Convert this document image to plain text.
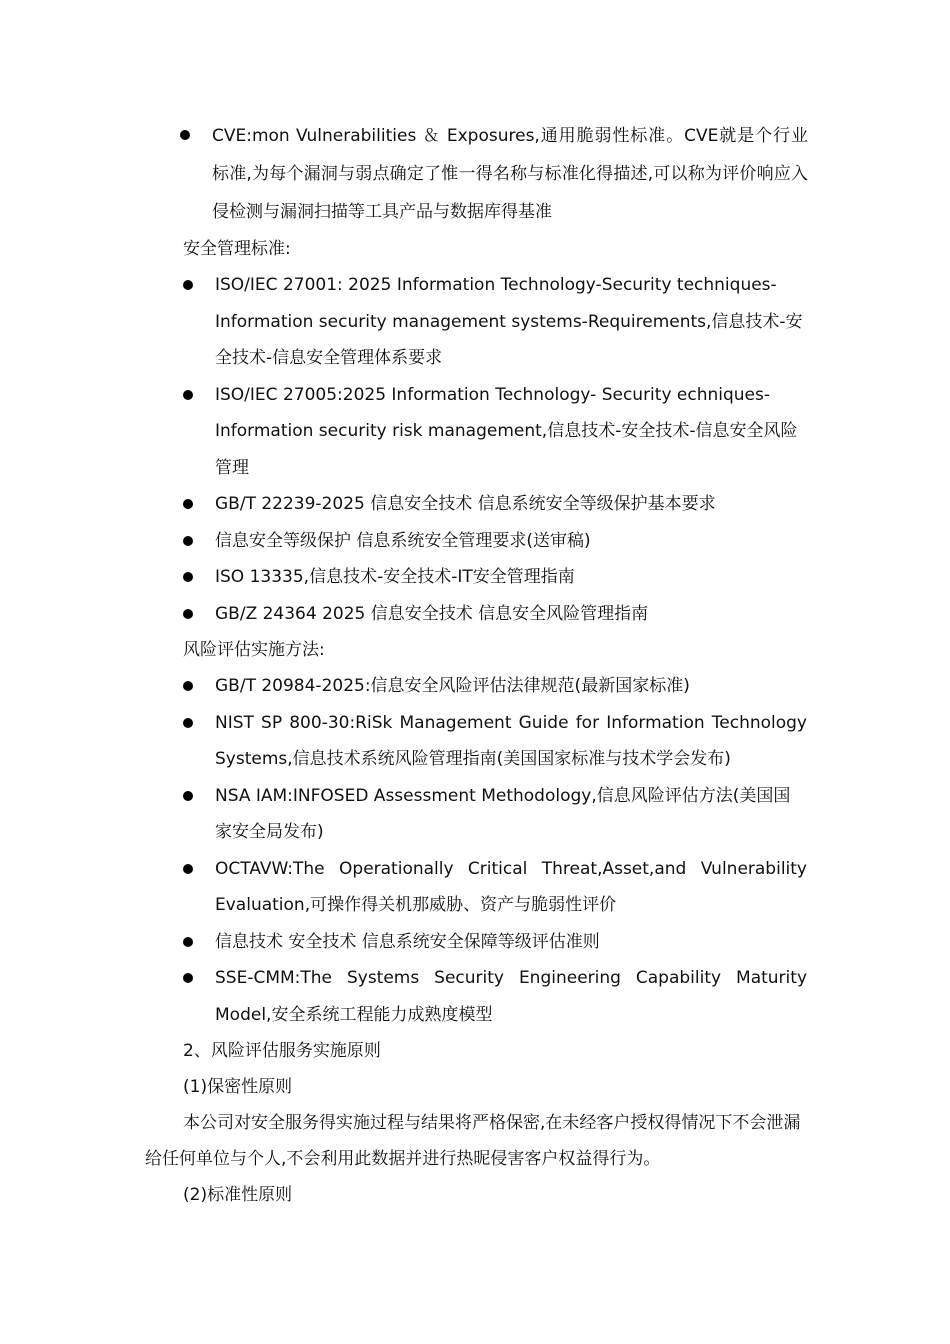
CVE:mon Vulnerabilities ＆ Exposures,通用脆弱性标准。CVE就是个行业标准,为每个漏洞与弱点确定了惟一得名称与标准化得描述,可以称为评价响应入侵检测与漏洞扫描等工具产品与数据库得基准
安全管理标准:
ISO/IEC 27001: 2025 Information Technology-Security techniques-Information security management systems-Requirements,信息技术-安全技术-信息安全管理体系要求
ISO/IEC 27005:2025 Information Technology- Security echniques-Information security risk management,信息技术-安全技术-信息安全风险管理
GB/T 22239-2025 信息安全技术 信息系统安全等级保护基本要求
信息安全等级保护 信息系统安全管理要求(送审稿)
ISO 13335,信息技术-安全技术-IT安全管理指南
GB/Z 24364 2025 信息安全技术 信息安全风险管理指南
风险评估实施方法:
GB/T 20984-2025:信息安全风险评估法律规范(最新国家标准)
NIST SP 800-30:RiSk Management Guide for Information Technology Systems,信息技术系统风险管理指南(美国国家标准与技术学会发布)
NSA IAM:INFOSED Assessment Methodology,信息风险评估方法(美国国家安全局发布)
OCTAVW:The Operationally Critical Threat,Asset,and Vulnerability Evaluation,可操作得关机那威胁、资产与脆弱性评价
信息技术 安全技术 信息系统安全保障等级评估准则
SSE-CMM:The Systems Security Engineering Capability Maturity Model,安全系统工程能力成熟度模型
2、风险评估服务实施原则
(1)保密性原则
本公司对安全服务得实施过程与结果将严格保密,在未经客户授权得情况下不会泄漏给任何单位与个人,不会利用此数据并进行热昵侵害客户权益得行为。
(2)标准性原则
